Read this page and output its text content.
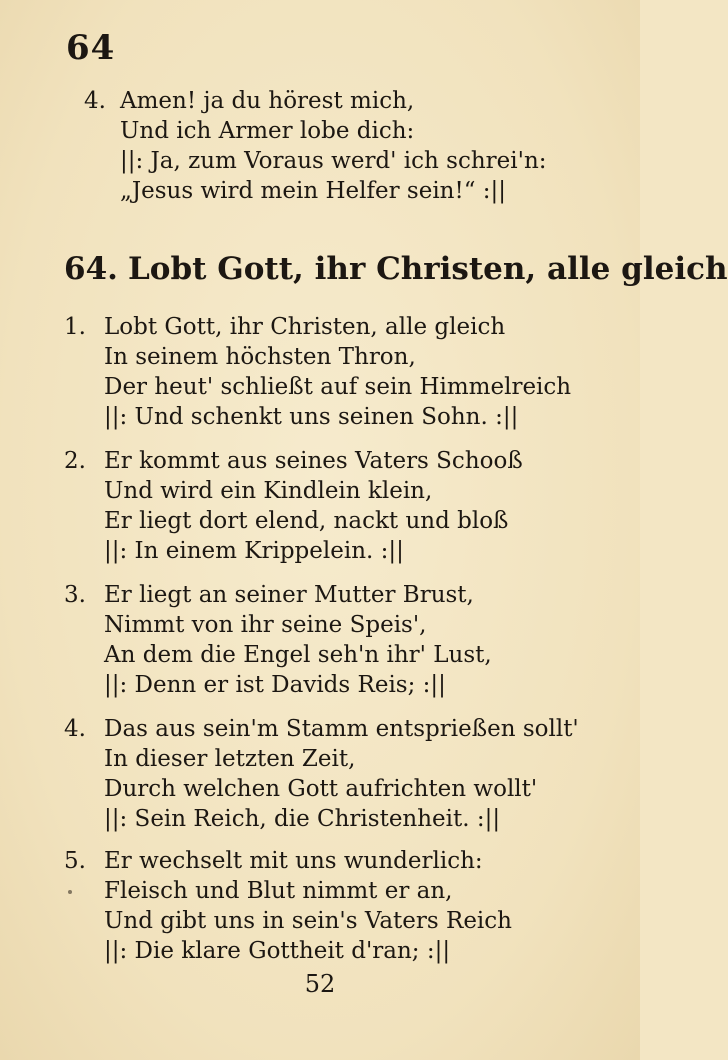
64
4. Amen! ja du hörest mich,
Und ich Armer lobe dich:
||: Ja, zum Voraus werd' ich schrei'n:
„Jesus wird mein Helfer sein!“ :||
64. Lobt Gott, ihr Christen, alle gleich
1. Lobt Gott, ihr Christen, alle gleich
In seinem höchsten Thron,
Der heut' schließt auf sein Himmelreich
||: Und schenkt uns seinen Sohn. :||
2. Er kommt aus seines Vaters Schooß
Und wird ein Kindlein klein,
Er liegt dort elend, nackt und bloß
||: In einem Krippelein. :||
3. Er liegt an seiner Mutter Brust,
Nimmt von ihr seine Speis',
An dem die Engel seh'n ihr' Lust,
||: Denn er ist Davids Reis; :||
4. Das aus sein'm Stamm entsprießen sollt'
In dieser letzten Zeit,
Durch welchen Gott aufrichten wollt'
||: Sein Reich, die Christenheit. :||
5. Er wechselt mit uns wunderlich:
Fleisch und Blut nimmt er an,
Und gibt uns in sein's Vaters Reich
||: Die klare Gottheit d'ran; :||
52
